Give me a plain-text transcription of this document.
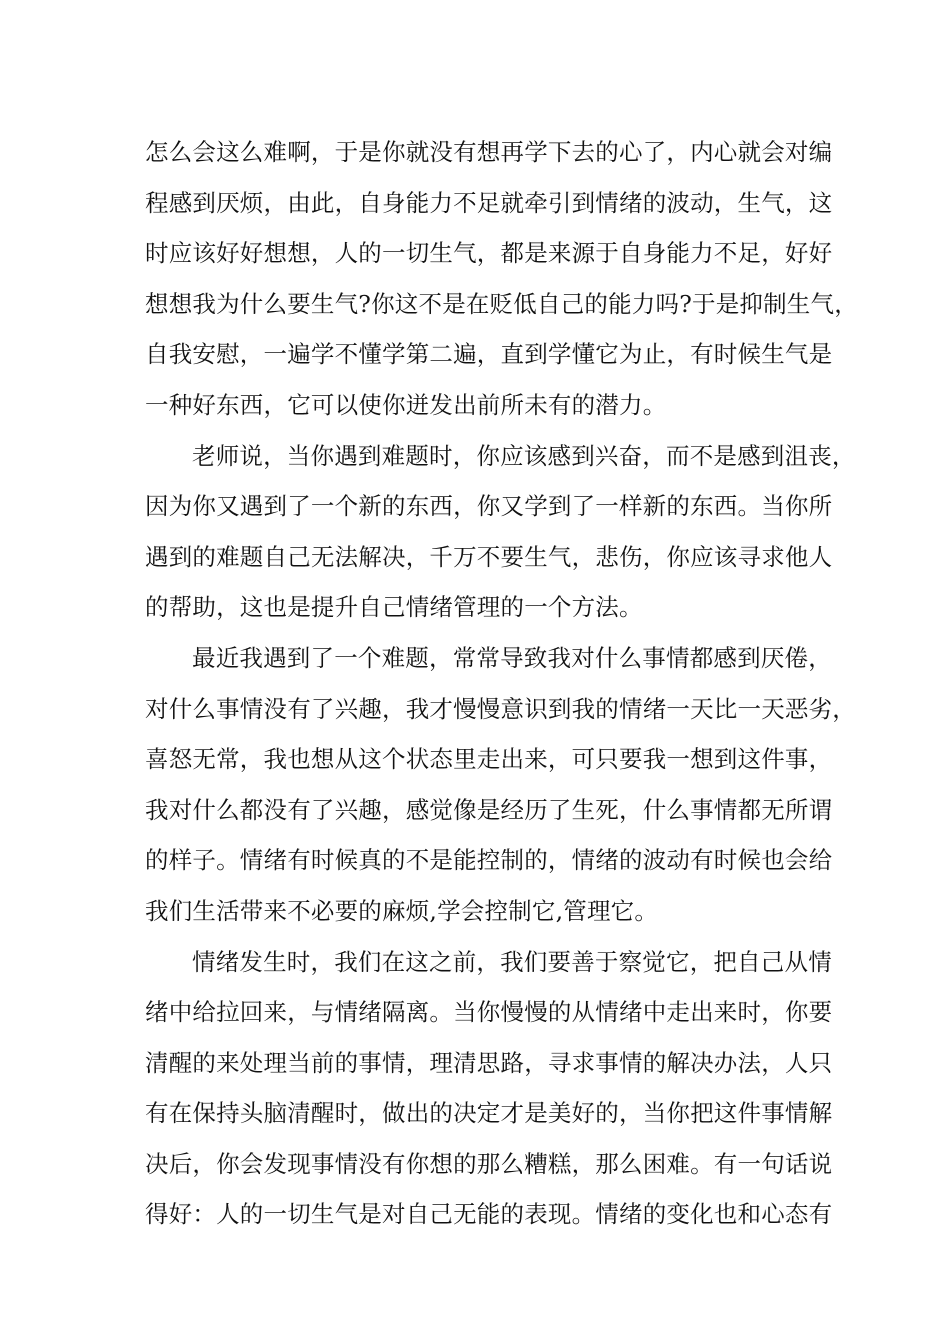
怎么会这么难啊，于是你就没有想再学下去的心了，内心就会对编
程感到厌烦，由此，自身能力不足就牵引到情绪的波动，生气，这
时应该好好想想，人的一切生气，都是来源于自身能力不足，好好
想想我为什么要生气?你这不是在贬低自己的能力吗?于是抑制生气，
自我安慰，一遍学不懂学第二遍，直到学懂它为止，有时候生气是
一种好东西，它可以使你迸发出前所未有的潜力。
老师说，当你遇到难题时，你应该感到兴奋，而不是感到沮丧，
因为你又遇到了一个新的东西，你又学到了一样新的东西。当你所
遇到的难题自己无法解决，千万不要生气，悲伤，你应该寻求他人
的帮助，这也是提升自己情绪管理的一个方法。
最近我遇到了一个难题，常常导致我对什么事情都感到厌倦，
对什么事情没有了兴趣，我才慢慢意识到我的情绪一天比一天恶劣，
喜怒无常，我也想从这个状态里走出来，可只要我一想到这件事，
我对什么都没有了兴趣，感觉像是经历了生死，什么事情都无所谓
的样子。情绪有时候真的不是能控制的，情绪的波动有时候也会给
我们生活带来不必要的麻烦,学会控制它,管理它。
情绪发生时，我们在这之前，我们要善于察觉它，把自己从情
绪中给拉回来，与情绪隔离。当你慢慢的从情绪中走出来时，你要
清醒的来处理当前的事情，理清思路，寻求事情的解决办法，人只
有在保持头脑清醒时，做出的决定才是美好的，当你把这件事情解
决后，你会发现事情没有你想的那么糟糕，那么困难。有一句话说
得好：人的一切生气是对自己无能的表现。情绪的变化也和心态有
